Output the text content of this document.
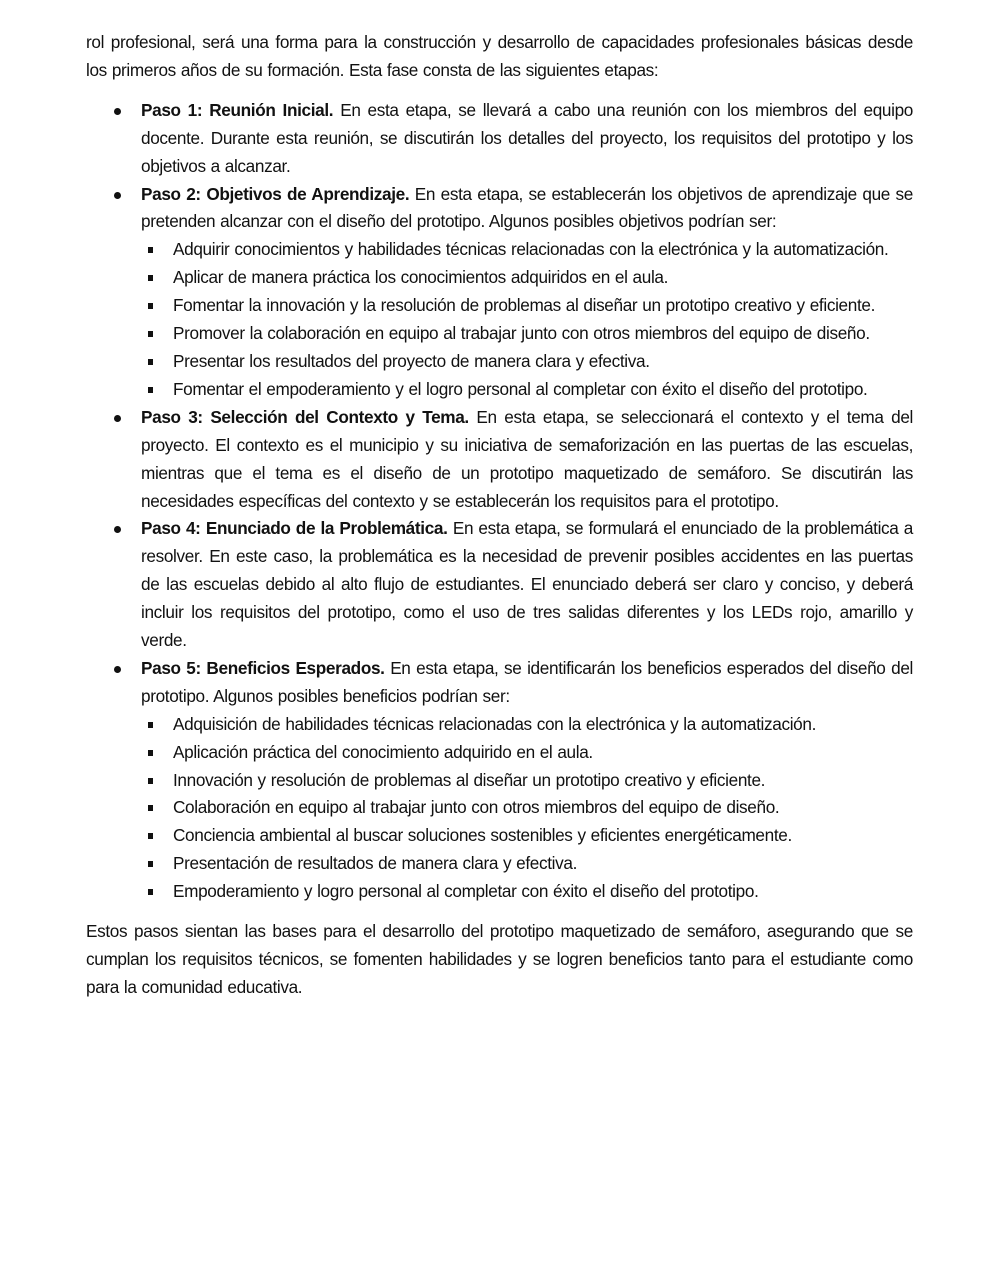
rol profesional, será una forma para la construcción y desarrollo de capacidades profesionales básicas desde los primeros años de su formación. Esta fase consta de las siguientes etapas:

Paso 1: Reunión Inicial. En esta etapa, se llevará a cabo una reunión con los miembros del equipo docente. Durante esta reunión, se discutirán los detalles del proyecto, los requisitos del prototipo y los objetivos a alcanzar.
Paso 2: Objetivos de Aprendizaje. En esta etapa, se establecerán los objetivos de aprendizaje que se pretenden alcanzar con el diseño del prototipo. Algunos posibles objetivos podrían ser:
Adquirir conocimientos y habilidades técnicas relacionadas con la electrónica y la automatización.
Aplicar de manera práctica los conocimientos adquiridos en el aula.
Fomentar la innovación y la resolución de problemas al diseñar un prototipo creativo y eficiente.
Promover la colaboración en equipo al trabajar junto con otros miembros del equipo de diseño.
Presentar los resultados del proyecto de manera clara y efectiva.
Fomentar el empoderamiento y el logro personal al completar con éxito el diseño del prototipo.
Paso 3: Selección del Contexto y Tema. En esta etapa, se seleccionará el contexto y el tema del proyecto. El contexto es el municipio y su iniciativa de semaforización en las puertas de las escuelas, mientras que el tema es el diseño de un prototipo maquetizado de semáforo. Se discutirán las necesidades específicas del contexto y se establecerán los requisitos para el prototipo.
Paso 4: Enunciado de la Problemática. En esta etapa, se formulará el enunciado de la problemática a resolver. En este caso, la problemática es la necesidad de prevenir posibles accidentes en las puertas de las escuelas debido al alto flujo de estudiantes. El enunciado deberá ser claro y conciso, y deberá incluir los requisitos del prototipo, como el uso de tres salidas diferentes y los LEDs rojo, amarillo y verde.
Paso 5: Beneficios Esperados. En esta etapa, se identificarán los beneficios esperados del diseño del prototipo. Algunos posibles beneficios podrían ser:
Adquisición de habilidades técnicas relacionadas con la electrónica y la automatización.
Aplicación práctica del conocimiento adquirido en el aula.
Innovación y resolución de problemas al diseñar un prototipo creativo y eficiente.
Colaboración en equipo al trabajar junto con otros miembros del equipo de diseño.
Conciencia ambiental al buscar soluciones sostenibles y eficientes energéticamente.
Presentación de resultados de manera clara y efectiva.
Empoderamiento y logro personal al completar con éxito el diseño del prototipo.

Estos pasos sientan las bases para el desarrollo del prototipo maquetizado de semáforo, asegurando que se cumplan los requisitos técnicos, se fomenten habilidades y se logren beneficios tanto para el estudiante como para la comunidad educativa.
